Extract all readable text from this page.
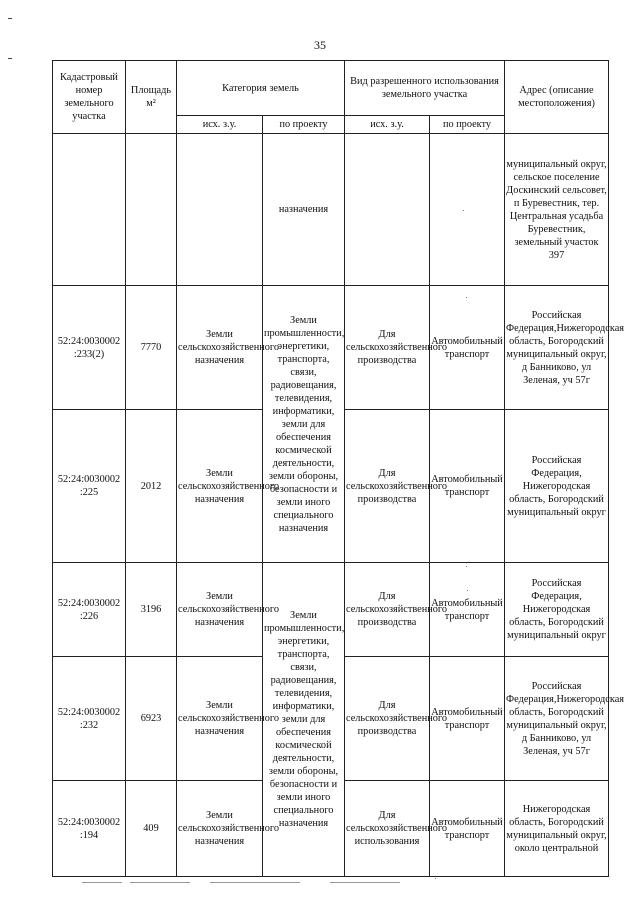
35
Кадастровый номер земельного участка	Площадь м²	Категория земель		Вид разрешенного использования земельного участка		Адрес (описание местоположения)
		исх. з.у.	по проекту	исх. з.у.	по проекту	
			назначения			муниципальный округ, сельское поселение Доскинский сельсовет, п Буревестник, тер. Центральная усадьба Буревестник, земельный участок 397
52:24:0030002 :233(2)	7770	Земли сельскохозяйственного назначения	Земли промышленности, энергетики, транспорта, связи, радиовещания, телевидения, информатики, земли для обеспечения космической деятельности, земли обороны, безопасности и земли иного специального назначения	Для сельскохозяйственного производства	Автомобильный транспорт	Российская Федерация,Нижегородская область, Богородский муниципальный округ, д Банниково, ул Зеленая, уч 57г
52:24:0030002 :225	2012	Земли сельскохозяйственного назначения		Для сельскохозяйственного производства	Автомобильный транспорт	Российская Федерация, Нижегородская область, Богородский муниципальный округ
52:24:0030002 :226	3196	Земли сельскохозяйственного назначения	Земли промышленности, энергетики, транспорта, связи, радиовещания, телевидения, информатики, земли для обеспечения космической деятельности, земли обороны, безопасности и земли иного специального назначения	Для сельскохозяйственного производства	Автомобильный транспорт	Российская Федерация, Нижегородская область, Богородский муниципальный округ
52:24:0030002 :232	6923	Земли сельскохозяйственного назначения		Для сельскохозяйственного производства	Автомобильный транспорт	Российская Федерация,Нижегородская область, Богородский муниципальный округ, д Банниково, ул Зеленая, уч 57г
52:24:0030002 :194	409	Земли сельскохозяйственного назначения		Для сельскохозяйственного использования	Автомобильный транспорт	Нижегородская область, Богородский муниципальный округ, около центральной
